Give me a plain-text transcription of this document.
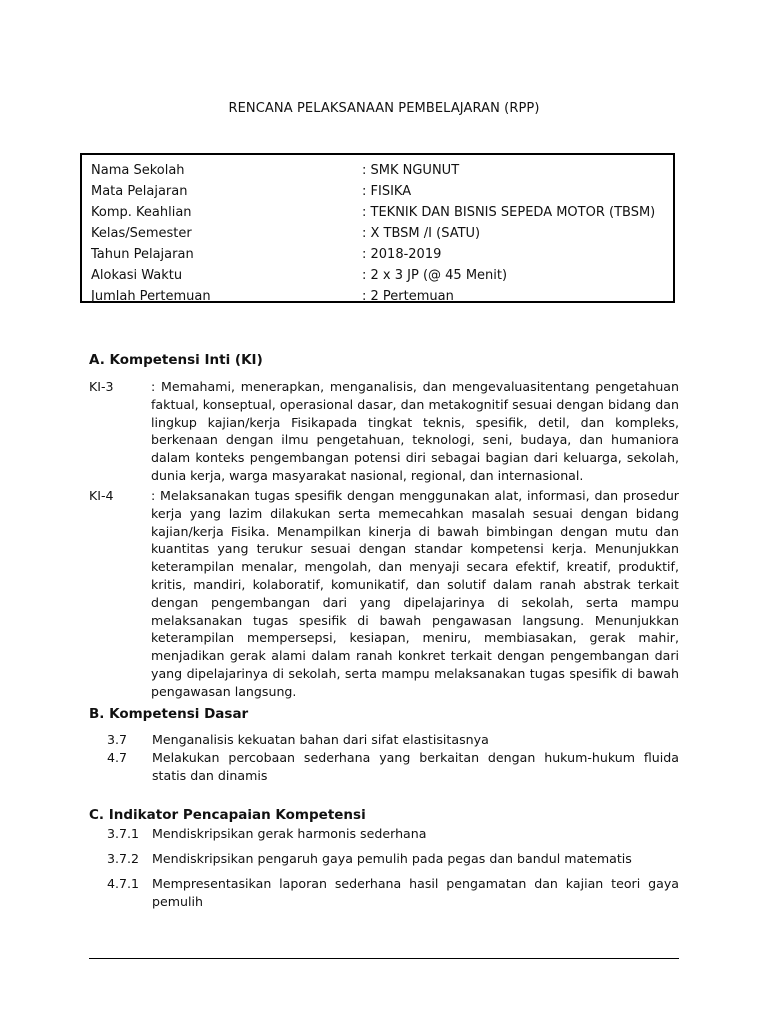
RENCANA PELAKSANAAN PEMBELAJARAN (RPP)
Nama Sekolah	: SMK NGUNUT
Mata Pelajaran	: FISIKA
Komp. Keahlian	: TEKNIK DAN BISNIS SEPEDA MOTOR (TBSM)
Kelas/Semester	: X TBSM /I (SATU)
Tahun Pelajaran	: 2018-2019
Alokasi Waktu	: 2 x 3 JP (@ 45 Menit)
Jumlah Pertemuan	: 2 Pertemuan
A. Kompetensi Inti (KI)
KI-3	: Memahami, menerapkan, menganalisis, dan mengevaluasitentang pengetahuan faktual, konseptual, operasional dasar, dan metakognitif sesuai dengan bidang dan lingkup kajian/kerja Fisikapada tingkat teknis, spesifik, detil, dan kompleks, berkenaan dengan ilmu pengetahuan, teknologi, seni, budaya, dan humaniora dalam konteks pengembangan potensi diri sebagai bagian dari keluarga, sekolah, dunia kerja, warga masyarakat nasional, regional, dan internasional.
KI-4	: Melaksanakan tugas spesifik dengan menggunakan alat, informasi, dan prosedur kerja yang lazim dilakukan serta memecahkan masalah sesuai dengan bidang kajian/kerja Fisika. Menampilkan kinerja di bawah bimbingan dengan mutu dan kuantitas yang terukur sesuai dengan standar kompetensi kerja. Menunjukkan keterampilan menalar, mengolah, dan menyaji secara efektif, kreatif, produktif, kritis, mandiri, kolaboratif, komunikatif, dan solutif dalam ranah abstrak terkait dengan pengembangan dari yang dipelajarinya di sekolah, serta mampu melaksanakan tugas spesifik di bawah pengawasan langsung. Menunjukkan keterampilan mempersepsi, kesiapan, meniru, membiasakan, gerak mahir, menjadikan gerak alami dalam ranah konkret terkait dengan pengembangan dari yang dipelajarinya di sekolah, serta mampu melaksanakan tugas spesifik di bawah pengawasan langsung.
B. Kompetensi Dasar
3.7 Menganalisis kekuatan bahan dari sifat elastisitasnya
4.7 Melakukan percobaan sederhana yang berkaitan dengan hukum-hukum fluida statis dan dinamis
C. Indikator Pencapaian Kompetensi
3.7.1 Mendiskripsikan gerak harmonis sederhana
3.7.2 Mendiskripsikan pengaruh gaya pemulih pada pegas dan bandul matematis
4.7.1 Mempresentasikan laporan sederhana hasil pengamatan dan kajian teori gaya pemulih
